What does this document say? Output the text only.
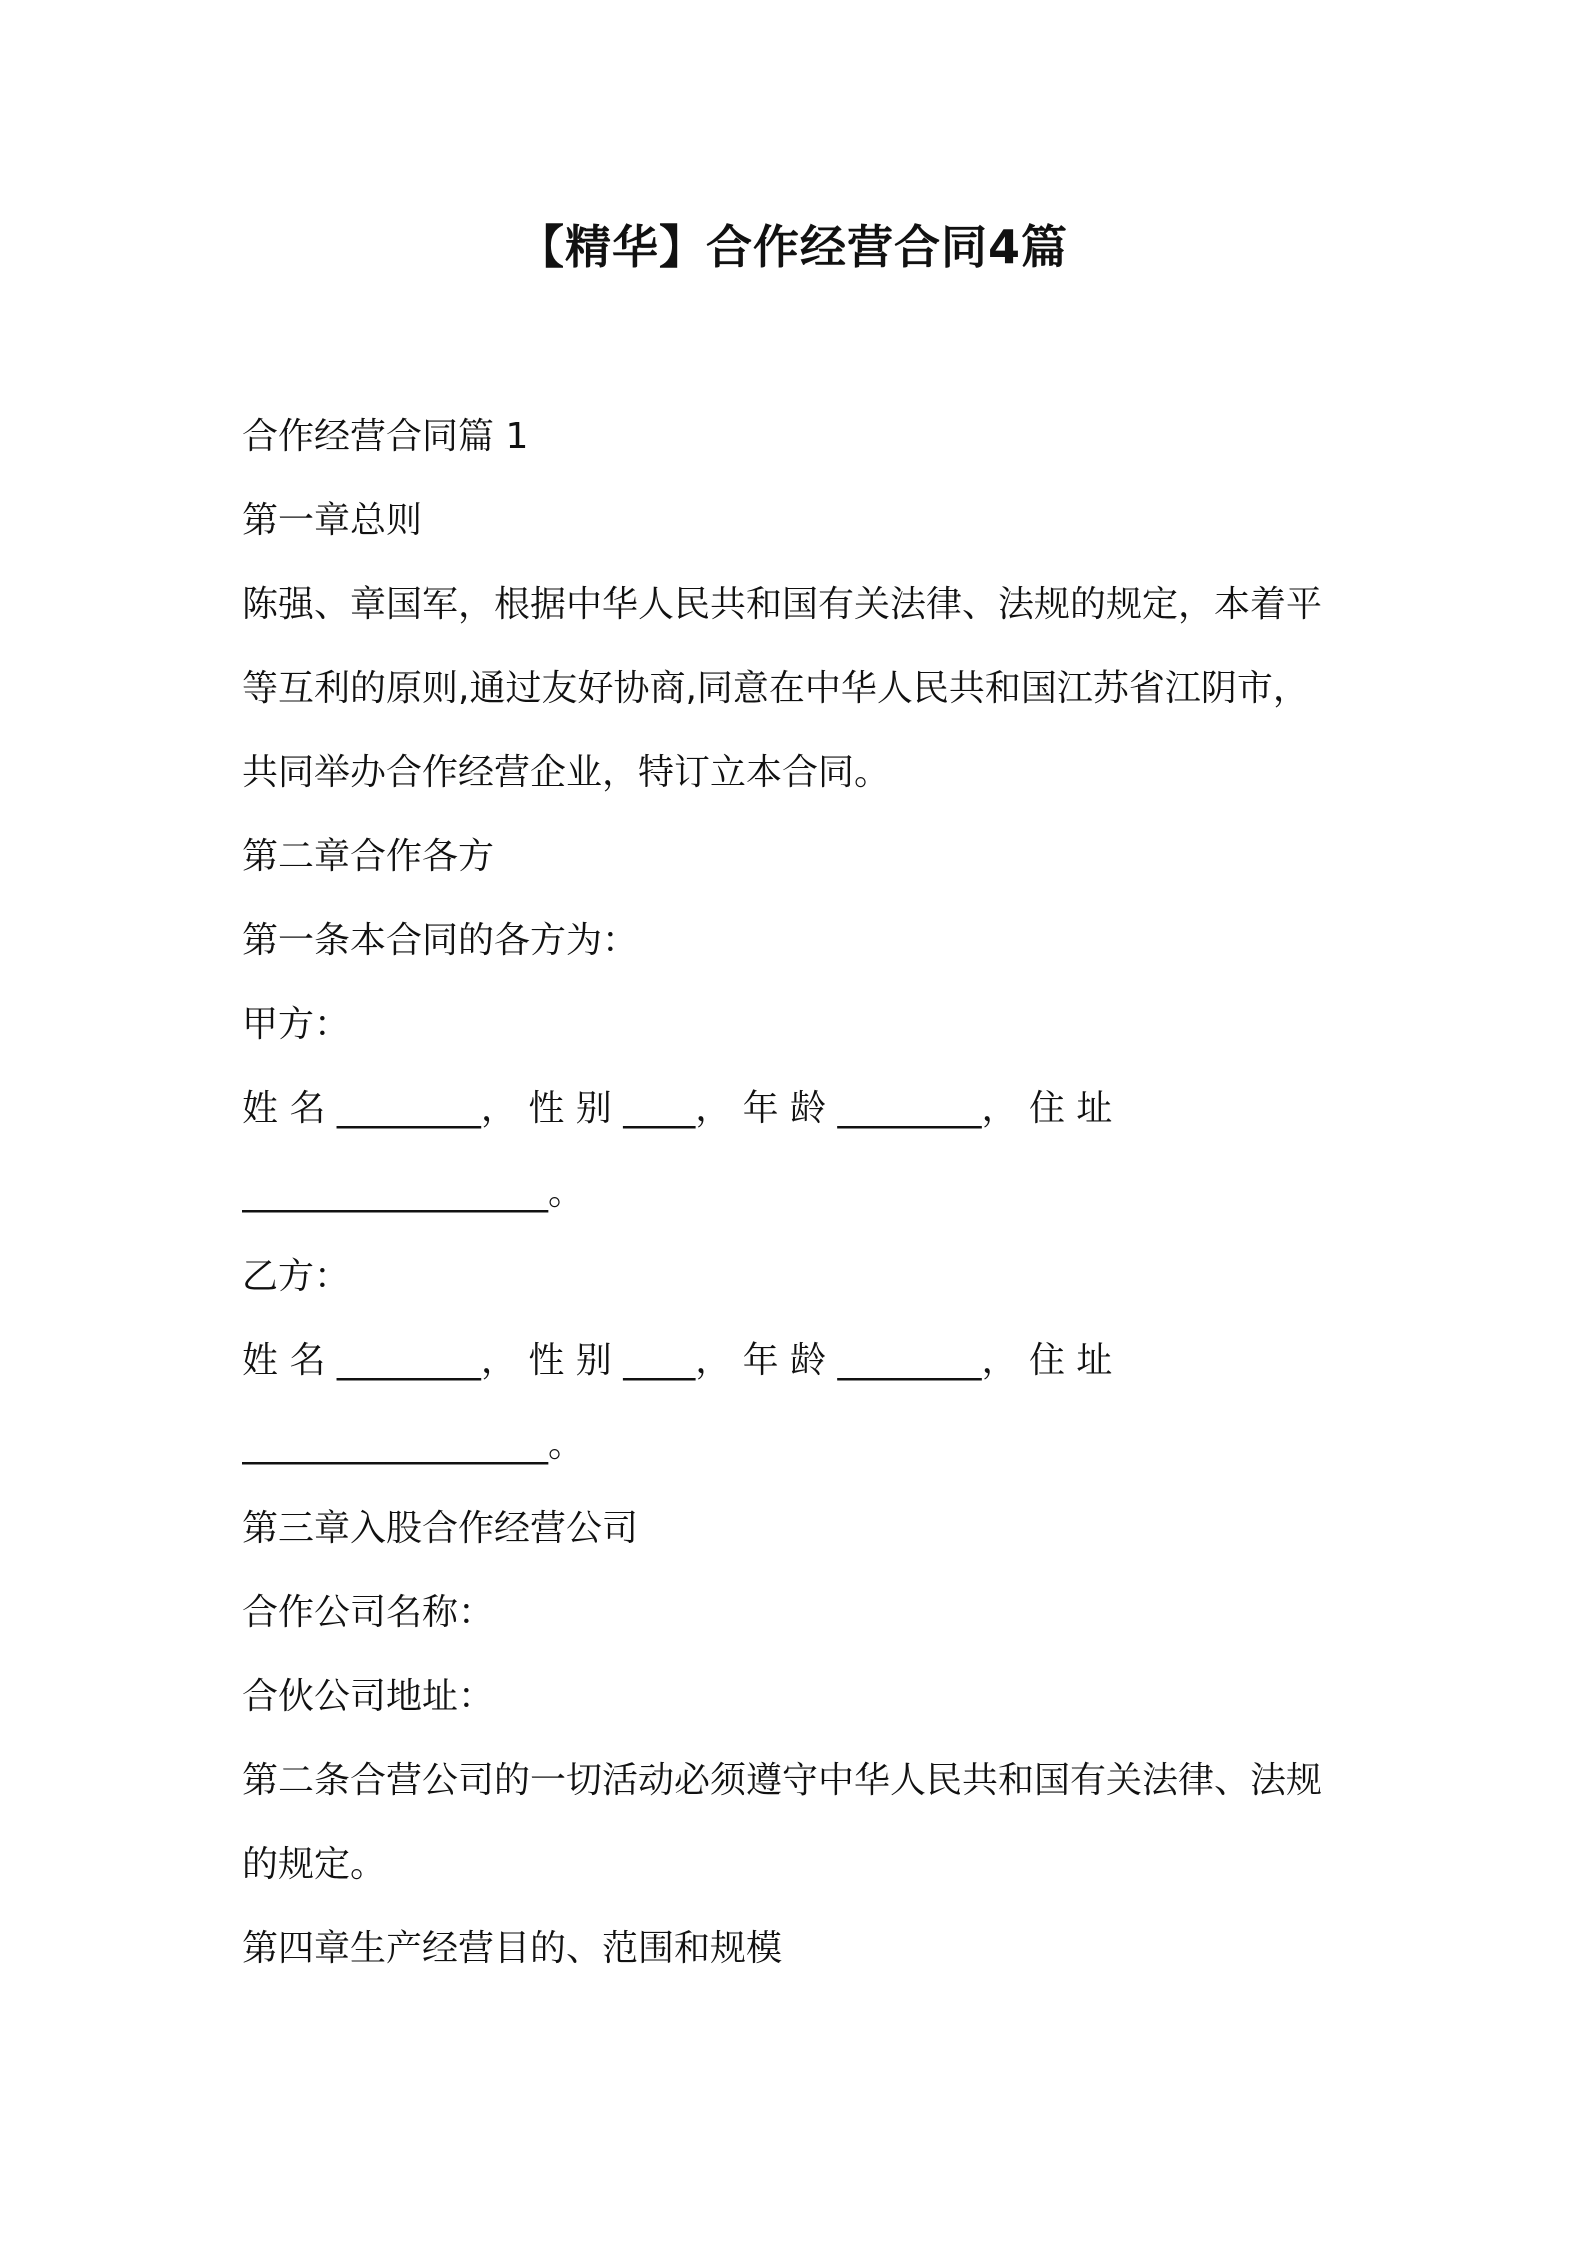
【精华】合作经营合同4篇
合作经营合同篇 1
第一章总则
陈强、章国军，根据中华人民共和国有关法律、法规的规定，本着平
等互利的原则,通过友好协商,同意在中华人民共和国江苏省江阴市，
共同举办合作经营企业，特订立本合同。
第二章合作各方
第一条本合同的各方为：
甲方：
姓 名 ________， 性 别 ____， 年 龄 ________， 住 址
_________________。
乙方：
姓 名 ________， 性 别 ____， 年 龄 ________， 住 址
_________________。
第三章入股合作经营公司
合作公司名称：
合伙公司地址：
第二条合营公司的一切活动必须遵守中华人民共和国有关法律、法规
的规定。
第四章生产经营目的、范围和规模
